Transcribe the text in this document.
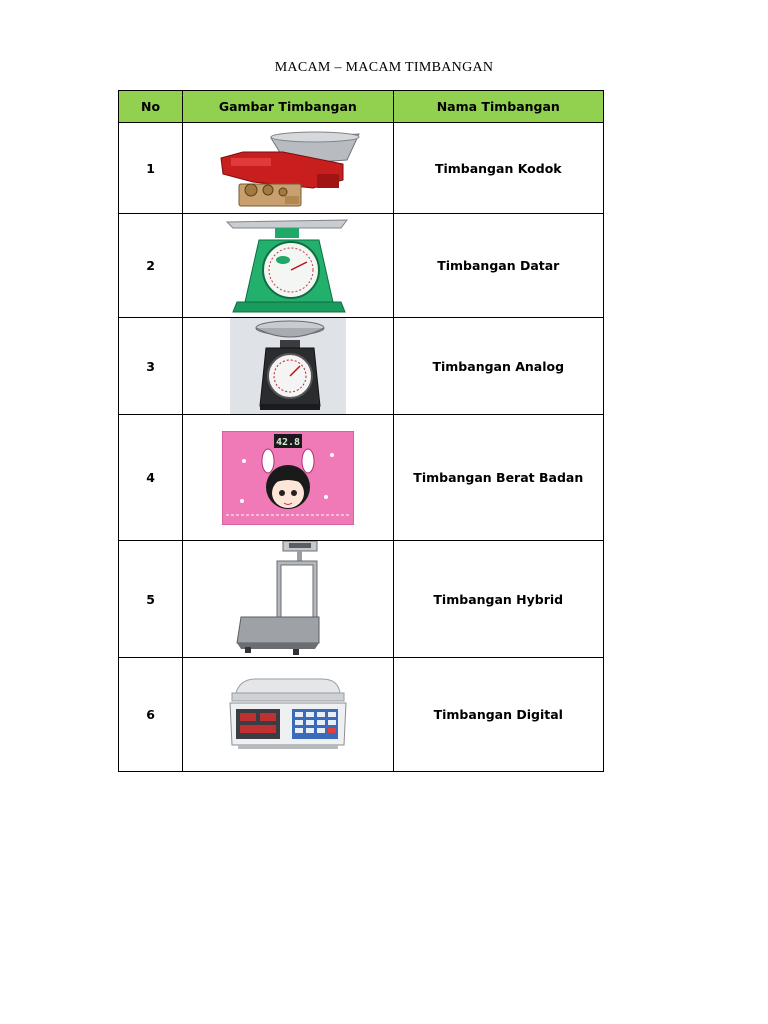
MACAM – MACAM TIMBANGAN
No	Gambar Timbangan	Nama Timbangan
1		Timbangan Kodok
2		Timbangan Datar
3		Timbangan Analog
4	42.8	Timbangan Berat Badan
5		Timbangan Hybrid
6		Timbangan Digital
